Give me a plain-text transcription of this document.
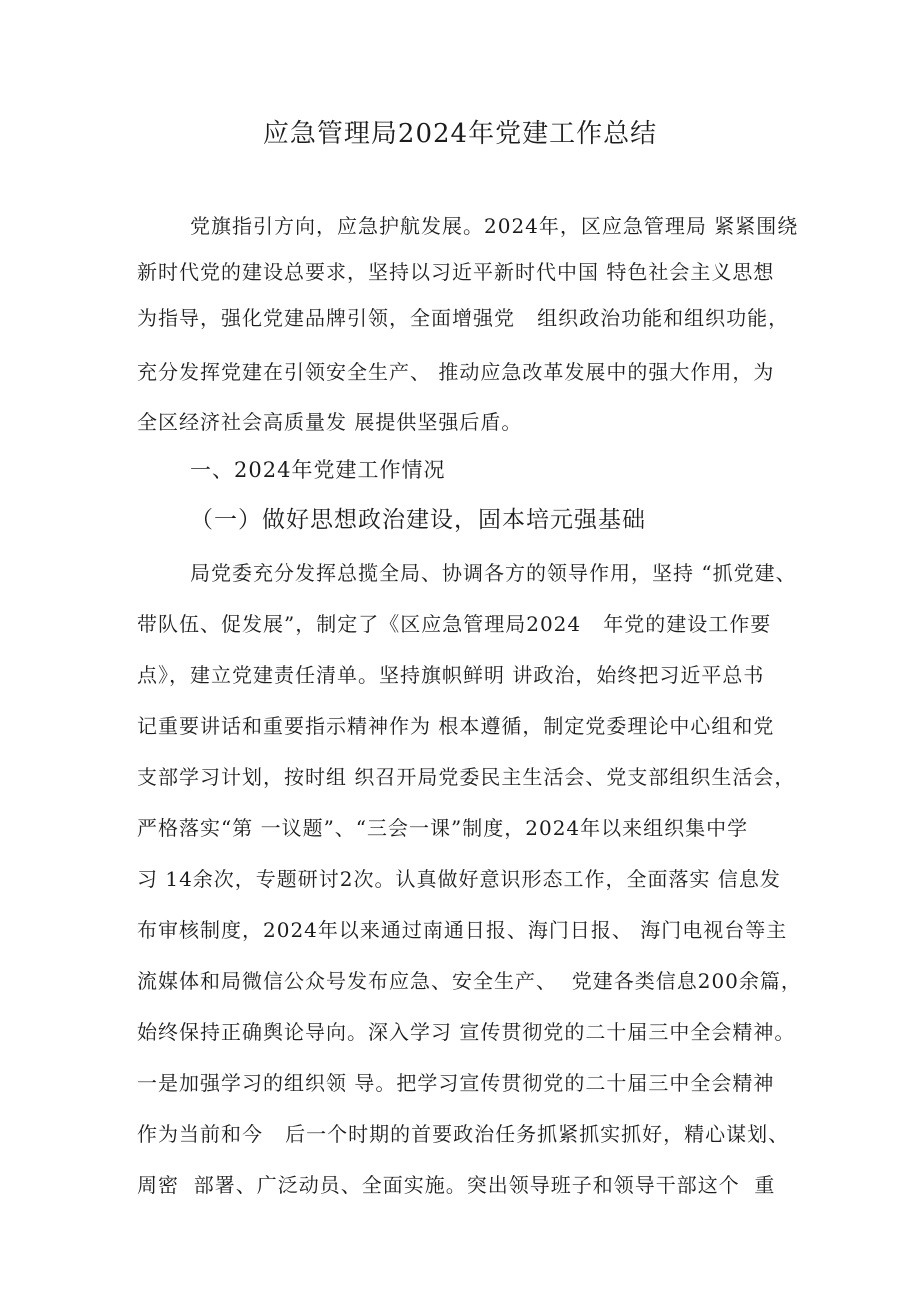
应急管理局2024年党建工作总结
党旗指引方向，应急护航发展。2024年，区应急管理局 紧紧围绕
新时代党的建设总要求，坚持以习近平新时代中国 特色社会主义思想
为指导，强化党建品牌引领，全面增强党   组织政治功能和组织功能，
充分发挥党建在引领安全生产、 推动应急改革发展中的强大作用，为
全区经济社会高质量发 展提供坚强后盾。
一、2024年党建工作情况
（一）做好思想政治建设，固本培元强基础
局党委充分发挥总揽全局、协调各方的领导作用，坚持 “抓党建、
带队伍、促发展”，制定了《区应急管理局2024   年党的建设工作要
点》，建立党建责任清单。坚持旗帜鲜明 讲政治，始终把习近平总书
记重要讲话和重要指示精神作为 根本遵循，制定党委理论中心组和党
支部学习计划，按时组 织召开局党委民主生活会、党支部组织生活会，
严格落实“第 一议题”、“三会一课”制度，2024年以来组织集中学
习 14余次，专题研讨2次。认真做好意识形态工作，全面落实 信息发
布审核制度，2024年以来通过南通日报、海门日报、 海门电视台等主
流媒体和局微信公众号发布应急、安全生产、  党建各类信息200余篇，
始终保持正确舆论导向。深入学习 宣传贯彻党的二十届三中全会精神。
一是加强学习的组织领 导。把学习宣传贯彻党的二十届三中全会精神
作为当前和今   后一个时期的首要政治任务抓紧抓实抓好，精心谋划、
周密  部署、广泛动员、全面实施。突出领导班子和领导干部这个  重
